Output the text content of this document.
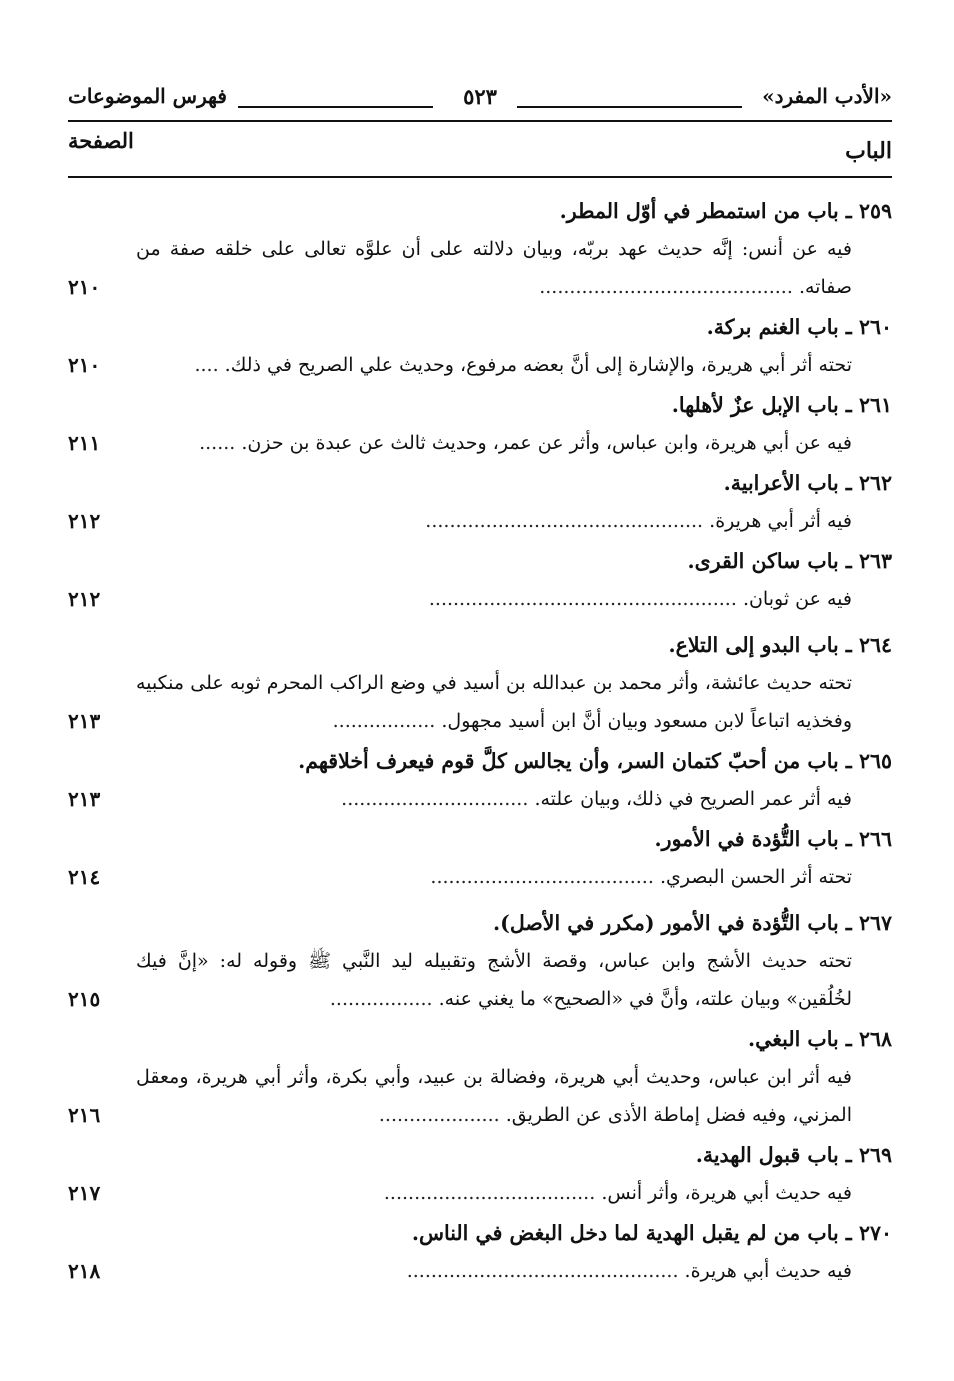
«الأدب المفرد»
٥٢٣
فهرس الموضوعات
الباب
الصفحة
٢٥٩ ـ باب من استمطر في أوّل المطر.
فيه عن أنس: إنَّه حديث عهد بربّه، وبيان دلالته على أن علوَّه تعالى على خلقه صفة من صفاته. ..........................................
٢١٠
٢٦٠ ـ باب الغنم بركة.
تحته أثر أبي هريرة، والإشارة إلى أنَّ بعضه مرفوع، وحديث علي الصريح في ذلك. ....
٢١٠
٢٦١ ـ باب الإبل عزٌ لأهلها.
فيه عن أبي هريرة، وابن عباس، وأثر عن عمر، وحديث ثالث عن عبدة بن حزن. ......
٢١١
٢٦٢ ـ باب الأعرابية.
فيه أثر أبي هريرة. ..............................................
٢١٢
٢٦٣ ـ باب ساكن القرى.
فيه عن ثوبان. ...................................................
٢١٢
٢٦٤ ـ باب البدو إلى التلاع.
تحته حديث عائشة، وأثر محمد بن عبدالله بن أسيد في وضع الراكب المحرم ثوبه على منكبيه وفخذيه اتباعاً لابن مسعود وبيان أنَّ ابن أسيد مجهول. .................
٢١٣
٢٦٥ ـ باب من أحبّ كتمان السر، وأن يجالس كلَّ قوم فيعرف أخلاقهم.
فيه أثر عمر الصريح في ذلك، وبيان علته. ...............................
٢١٣
٢٦٦ ـ باب التُّؤدة في الأمور.
تحته أثر الحسن البصري. .....................................
٢١٤
٢٦٧ ـ باب التُّؤدة في الأمور (مكرر في الأصل).
تحته حديث الأشج وابن عباس، وقصة الأشج وتقبيله ليد النَّبي ﷺ وقوله له: «إنَّ فيك لخُلُقين» وبيان علته، وأنَّ في «الصحيح» ما يغني عنه. .................
٢١٥
٢٦٨ ـ باب البغي.
فيه أثر ابن عباس، وحديث أبي هريرة، وفضالة بن عبيد، وأبي بكرة، وأثر أبي هريرة، ومعقل المزني، وفيه فضل إماطة الأذى عن الطريق. ....................
٢١٦
٢٦٩ ـ باب قبول الهدية.
فيه حديث أبي هريرة، وأثر أنس. ...................................
٢١٧
٢٧٠ ـ باب من لم يقبل الهدية لما دخل البغض في الناس.
فيه حديث أبي هريرة. .............................................
٢١٨
